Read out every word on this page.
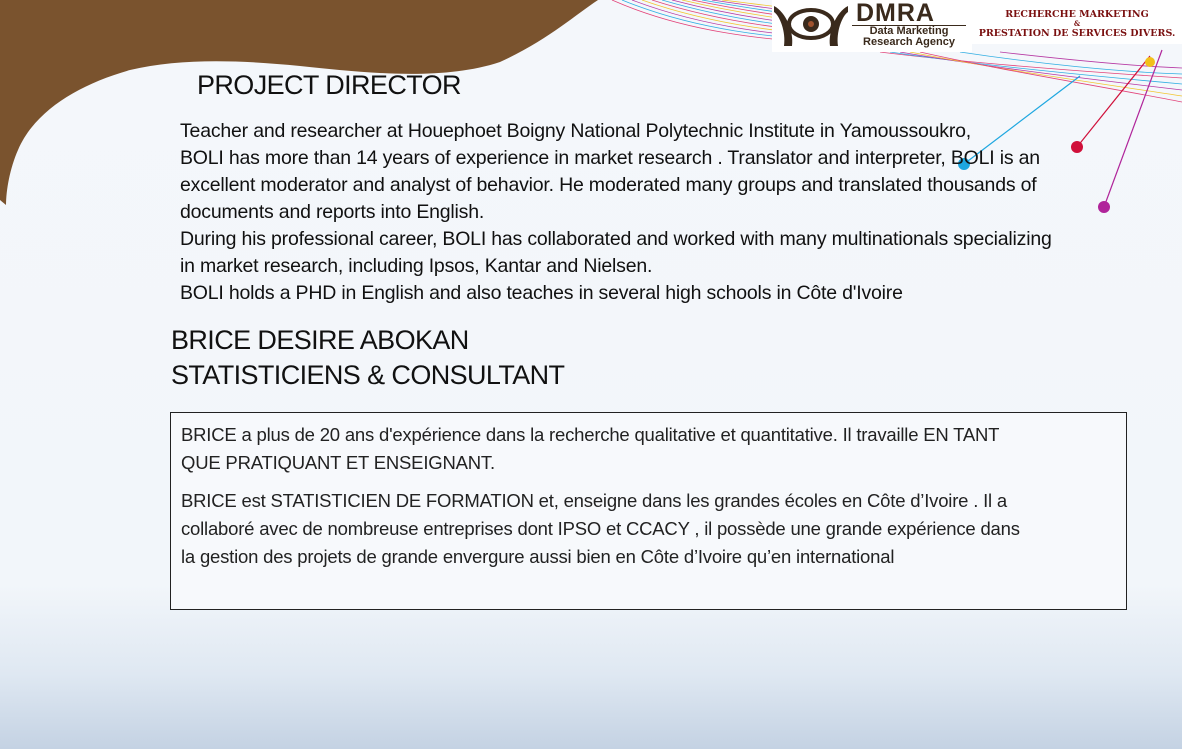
DMRA
Data Marketing
Research Agency
RECHERCHE MARKETING
&
PRESTATION DE SERVICES DIVERS.
PROJECT DIRECTOR
Teacher and researcher at Houephoet Boigny National Polytechnic Institute in Yamoussoukro,
BOLI has more than 14 years of experience in market research . Translator and interpreter, BOLI is an
excellent moderator and analyst of behavior. He moderated many groups and translated thousands of
documents and reports into English.
During his professional career, BOLI has collaborated and worked with many multinationals specializing
in market research, including Ipsos, Kantar and Nielsen.
BOLI holds a PHD in English and also teaches in several high schools in Côte d'Ivoire
BRICE DESIRE ABOKAN
STATISTICIENS & CONSULTANT

BRICE a plus de 20 ans d'expérience dans la recherche qualitative et quantitative. Il travaille EN TANT
QUE PRATIQUANT ET ENSEIGNANT.

BRICE est STATISTICIEN DE FORMATION et, enseigne dans les grandes écoles en Côte d’Ivoire . Il a
collaboré avec de nombreuse entreprises dont IPSO et CCACY , il possède une grande expérience dans
la gestion des projets de grande envergure aussi bien en Côte d’Ivoire qu’en international
